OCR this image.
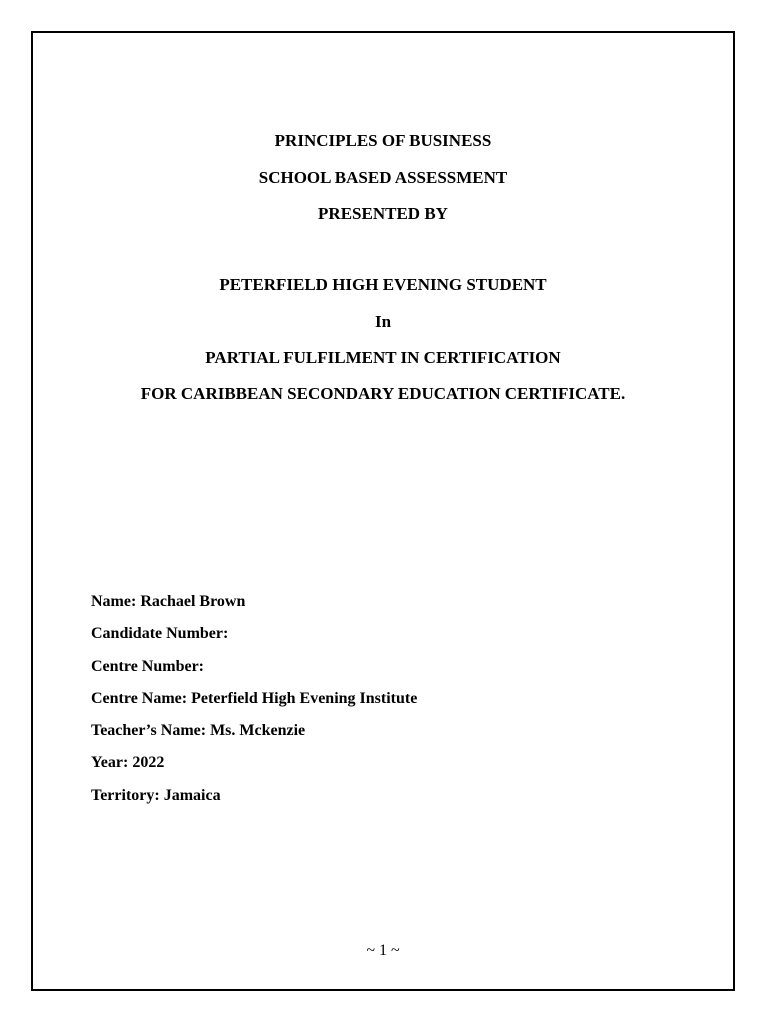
PRINCIPLES OF BUSINESS
SCHOOL BASED ASSESSMENT
PRESENTED BY
PETERFIELD HIGH EVENING STUDENT
In
PARTIAL FULFILMENT IN CERTIFICATION
FOR CARIBBEAN SECONDARY EDUCATION CERTIFICATE.
Name: Rachael Brown
Candidate Number:
Centre Number:
Centre Name: Peterfield High Evening Institute
Teacher’s Name: Ms. Mckenzie
Year: 2022
Territory: Jamaica
~ 1 ~
